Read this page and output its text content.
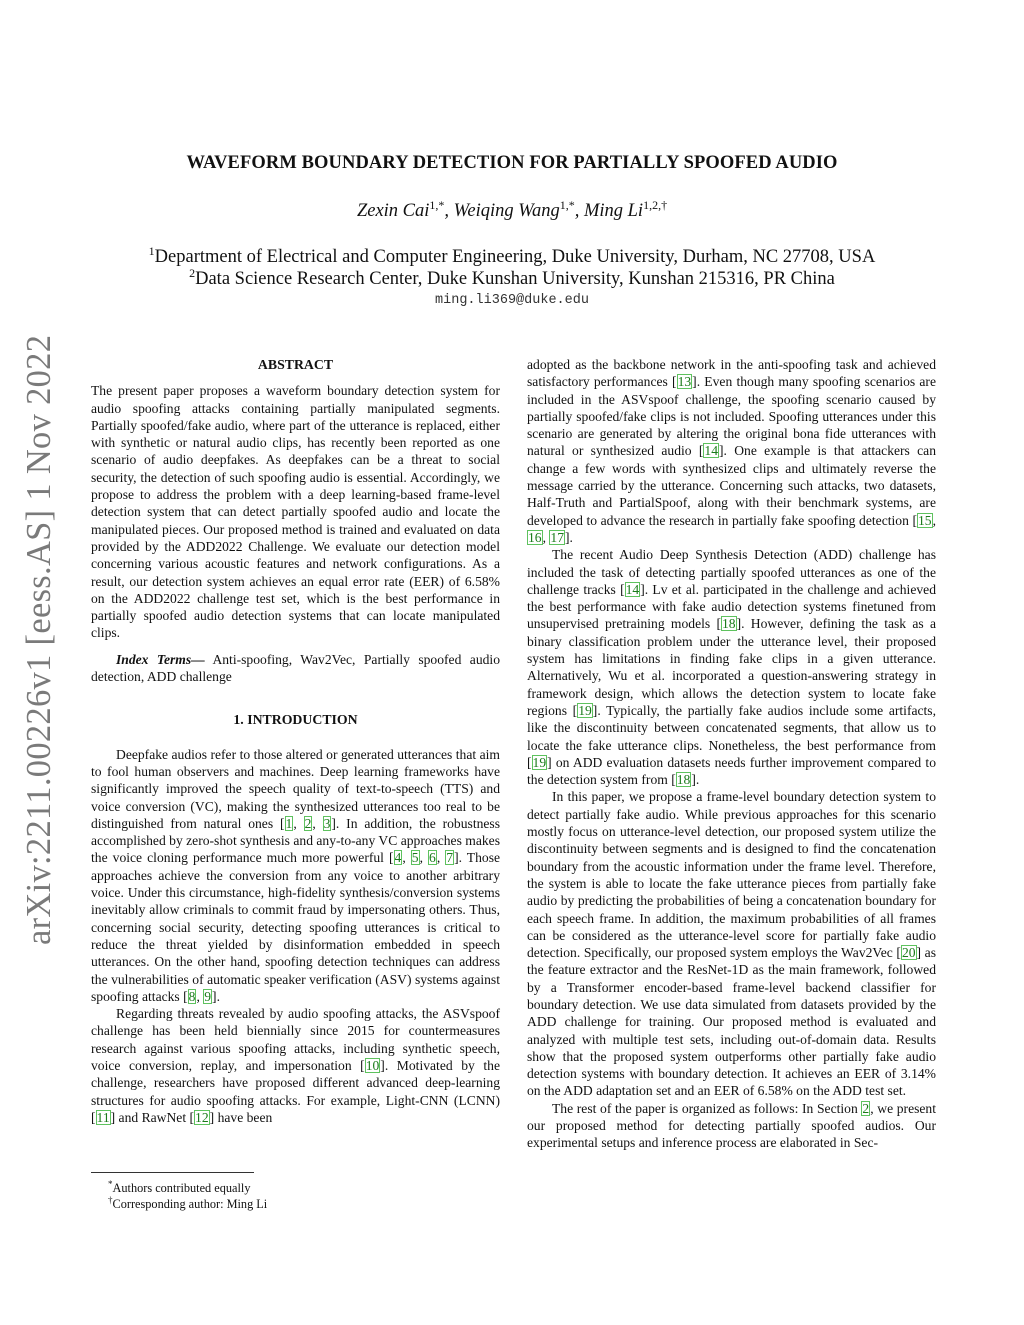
arXiv:2211.00226v1 [eess.AS] 1 Nov 2022
WAVEFORM BOUNDARY DETECTION FOR PARTIALLY SPOOFED AUDIO
Zexin Cai$^{1,*}$, Weiqing Wang$^{1,*}$, Ming $Li^{1,2,\dagger}$
$^1$Department of Electrical and Computer Engineering, Duke University, Durham, NC 27708, USA
$^2$Data Science Research Center, Duke Kunshan University, Kunshan 215316, PR China
ming.li369@duke.edu
ABSTRACT

The present paper proposes a waveform boundary detection system for audio spoofing attacks containing partially manipulated segments. Partially spoofed/fake audio, where part of the utterance is replaced, either with synthetic or natural audio clips, has recently been reported as one scenario of audio deepfakes. As deepfakes can be a threat to social security, the detection of such spoofing audio is essential. Accordingly, we propose to address the problem with a deep learning-based frame-level detection system that can detect partially spoofed audio and locate the manipulated pieces. Our proposed method is trained and evaluated on data provided by the ADD2022 Challenge. We evaluate our detection model concerning various acoustic features and network configurations. As a result, our detection system achieves an equal error rate (EER) of 6.58% on the ADD2022 challenge test set, which is the best performance in partially spoofed audio detection systems that can locate manipulated clips.

Index Terms— Anti-spoofing, Wav2Vec, Partially spoofed audio detection, ADD challenge

1. INTRODUCTION

Deepfake audios refer to those altered or generated utterances that aim to fool human observers and machines. Deep learning frameworks have significantly improved the speech quality of text-to-speech (TTS) and voice conversion (VC), making the synthesized utterances too real to be distinguished from natural ones [1, 2, 3]. In addition, the robustness accomplished by zero-shot synthesis and any-to-any VC approaches makes the voice cloning performance much more powerful [4, 5, 6, 7]. Those approaches achieve the conversion from any voice to another arbitrary voice. Under this circumstance, high-fidelity synthesis/conversion systems inevitably allow criminals to commit fraud by impersonating others. Thus, concerning social security, detecting spoofing utterances is critical to reduce the threat yielded by disinformation embedded in speech utterances. On the other hand, spoofing detection techniques can address the vulnerabilities of automatic speaker verification (ASV) systems against spoofing attacks [8, 9].

Regarding threats revealed by audio spoofing attacks, the ASVspoof challenge has been held biennially since 2015 for countermeasures research against various spoofing attacks, including synthetic speech, voice conversion, replay, and impersonation [10]. Motivated by the challenge, researchers have proposed different advanced deep-learning structures for audio spoofing attacks. For example, Light-CNN (LCNN) [11] and RawNet [12] have been

*Authors contributed equally
†Corresponding author: Ming Li

adopted as the backbone network in the anti-spoofing task and achieved satisfactory performances [13]. Even though many spoofing scenarios are included in the ASVspoof challenge, the spoofing scenario caused by partially spoofed/fake clips is not included. Spoofing utterances under this scenario are generated by altering the original bona fide utterances with natural or synthesized audio [14]. One example is that attackers can change a few words with synthesized clips and ultimately reverse the message carried by the utterance. Concerning such attacks, two datasets, Half-Truth and PartialSpoof, along with their benchmark systems, are developed to advance the research in partially fake spoofing detection [15, 16, 17].

The recent Audio Deep Synthesis Detection (ADD) challenge has included the task of detecting partially spoofed utterances as one of the challenge tracks [14]. Lv et al. participated in the challenge and achieved the best performance with fake audio detection systems finetuned from unsupervised pretraining models [18]. However, defining the task as a binary classification problem under the utterance level, their proposed system has limitations in finding fake clips in a given utterance. Alternatively, Wu et al. incorporated a question-answering strategy in framework design, which allows the detection system to locate fake regions [19]. Typically, the partially fake audios include some artifacts, like the discontinuity between concatenated segments, that allow us to locate the fake utterance clips. Nonetheless, the best performance from [19] on ADD evaluation datasets needs further improvement compared to the detection system from [18].

In this paper, we propose a frame-level boundary detection system to detect partially fake audio. While previous approaches for this scenario mostly focus on utterance-level detection, our proposed system utilize the discontinuity between segments and is designed to find the concatenation boundary from the acoustic information under the frame level. Therefore, the system is able to locate the fake utterance pieces from partially fake audio by predicting the probabilities of being a concatenation boundary for each speech frame. In addition, the maximum probabilities of all frames can be considered as the utterance-level score for partially fake audio detection. Specifically, our proposed system employs the Wav2Vec [20] as the feature extractor and the ResNet-1D as the main framework, followed by a Transformer encoder-based frame-level backend classifier for boundary detection. We use data simulated from datasets provided by the ADD challenge for training. Our proposed method is evaluated and analyzed with multiple test sets, including out-of-domain data. Results show that the proposed system outperforms other partially fake audio detection systems with boundary detection. It achieves an EER of 3.14% on the ADD adaptation set and an EER of 6.58% on the ADD test set.

The rest of the paper is organized as follows: In Section 2, we present our proposed method for detecting partially spoofed audios. Our experimental setups and inference process are elaborated in Sec-
